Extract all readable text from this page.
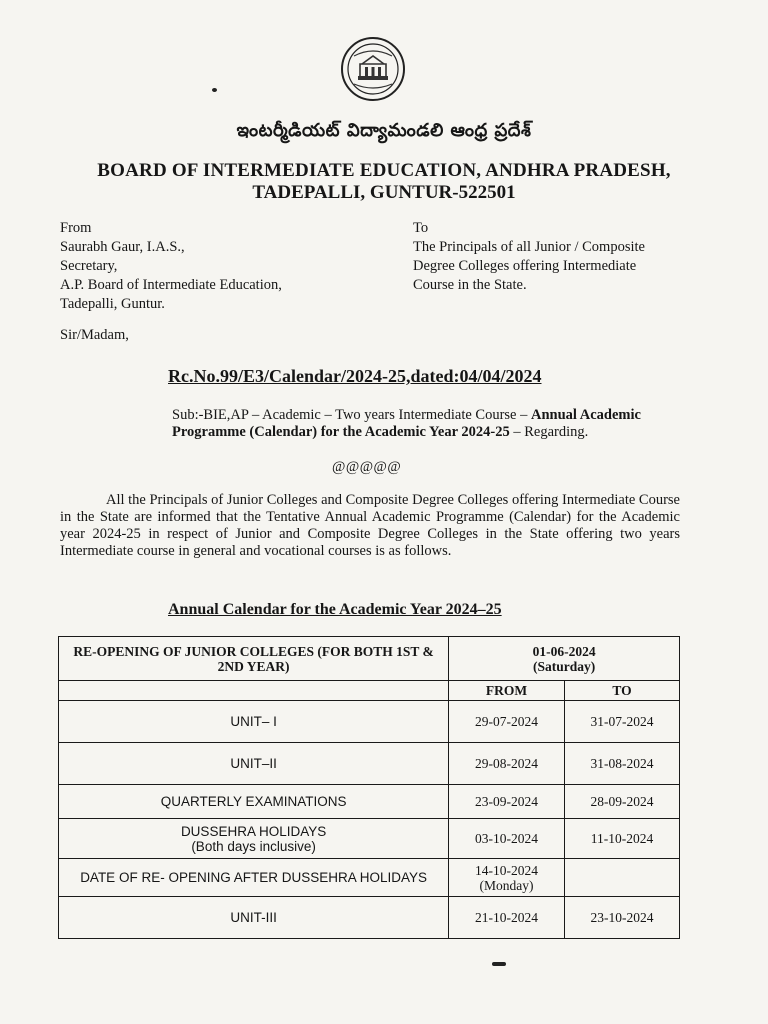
ఇంటర్మీడియట్ విద్యామండలి ఆంధ్ర ప్రదేశ్
BOARD OF INTERMEDIATE EDUCATION, ANDHRA PRADESH,
TADEPALLI, GUNTUR-522501
From
Saurabh Gaur, I.A.S.,
Secretary,
A.P. Board of Intermediate Education,
Tadepalli, Guntur.
To
The Principals of all Junior / Composite
Degree Colleges offering Intermediate
Course in the State.
Sir/Madam,
Rc.No.99/E3/Calendar/2024-25,dated:04/04/2024
Sub:-BIE,AP – Academic – Two years Intermediate Course – Annual Academic Programme (Calendar) for the Academic Year 2024-25 – Regarding.
@@@@@
All the Principals of Junior Colleges and Composite Degree Colleges offering Intermediate Course in the State are informed that the Tentative Annual Academic Programme (Calendar) for the Academic year 2024-25 in respect of Junior and Composite Degree Colleges in the State offering two years Intermediate course in general and vocational courses is as follows.
Annual Calendar for the Academic Year 2024–25
RE-OPENING OF JUNIOR COLLEGES (FOR BOTH 1ST & 2ND YEAR)	01-06-2024
(Saturday)	

	FROM	TO
UNIT– I	29-07-2024	31-07-2024
UNIT–II	29-08-2024	31-08-2024
QUARTERLY EXAMINATIONS	23-09-2024	28-09-2024

DUSSEHRA HOLIDAYS
(Both days inclusive)	03-10-2024	11-10-2024
DATE OF RE- OPENING AFTER DUSSEHRA HOLIDAYS	14-10-2024
(Monday)	

UNIT-III	21-10-2024	23-10-2024
